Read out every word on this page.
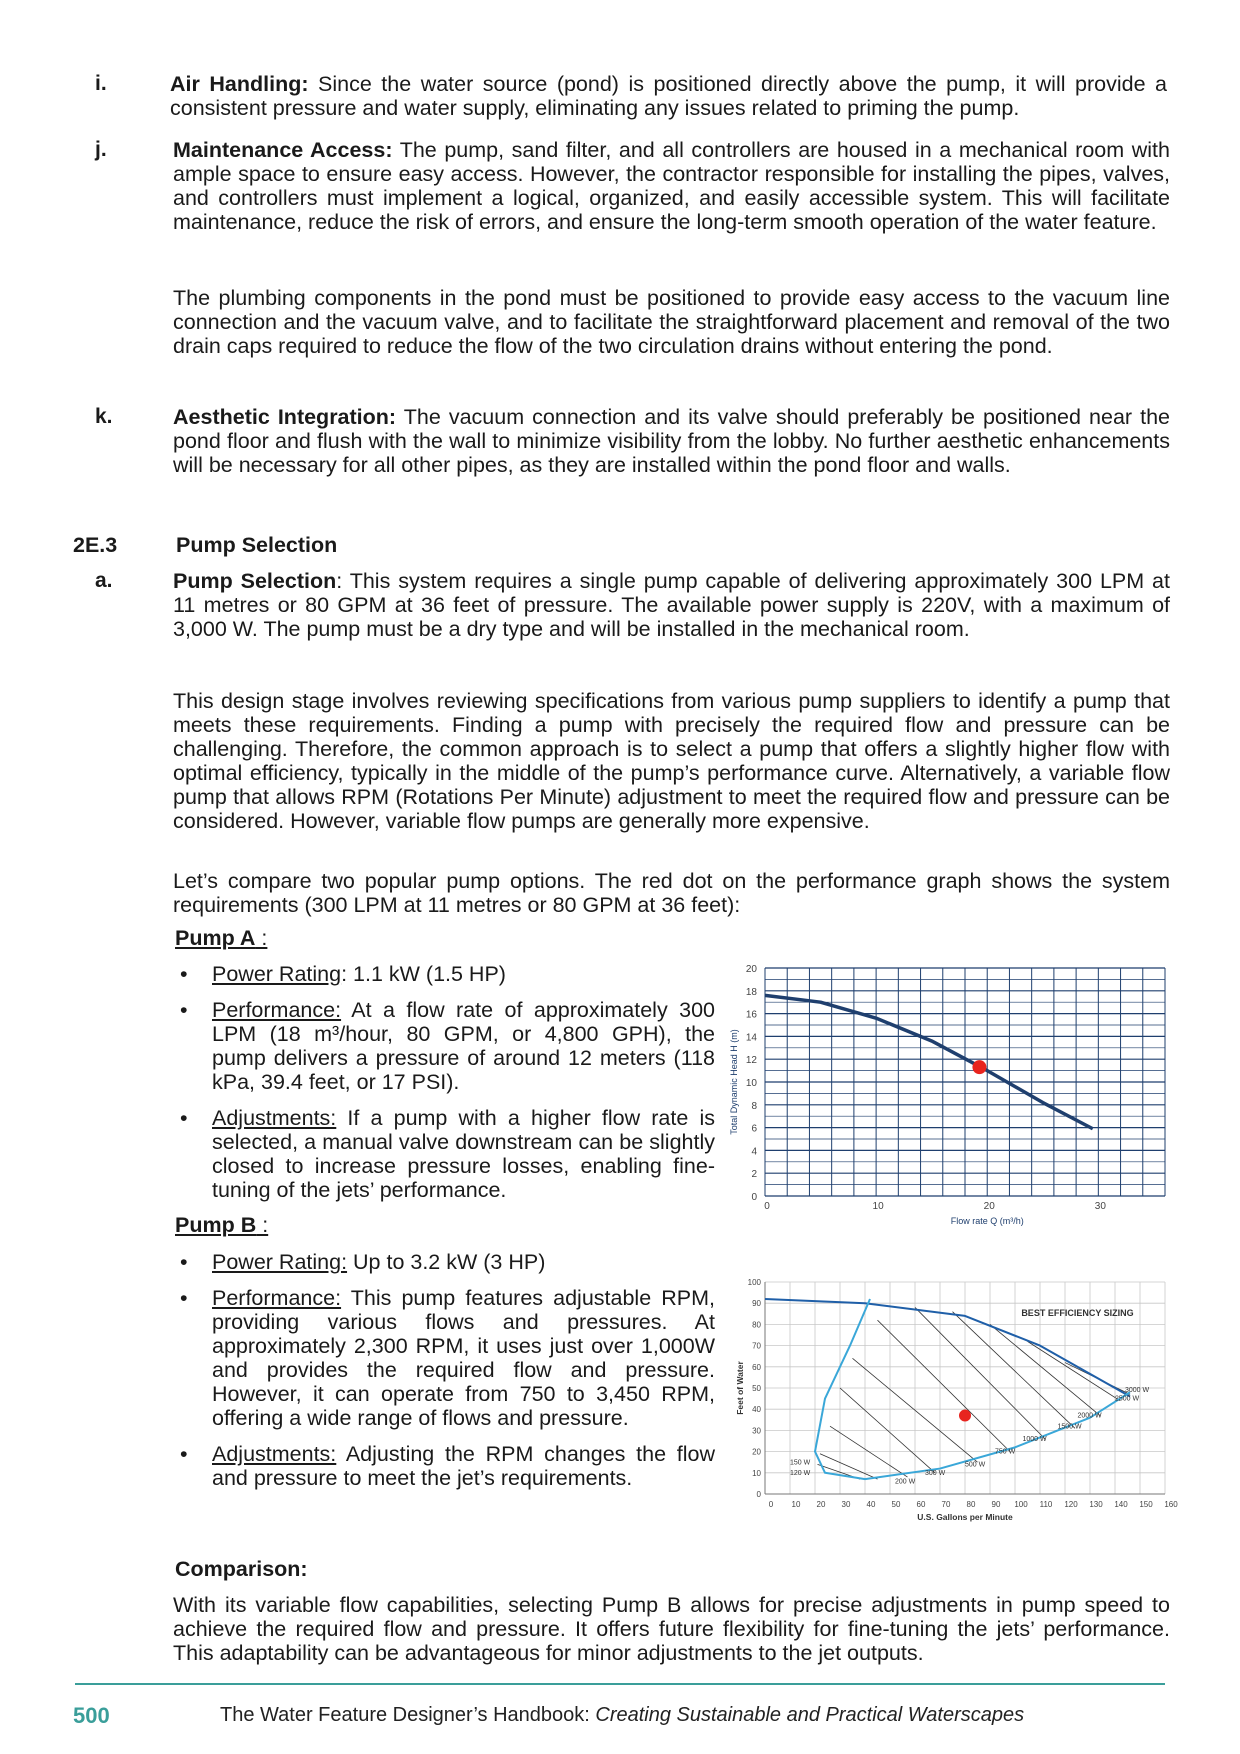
i.	Air Handling: Since the water source (pond) is positioned directly above the pump, it will provide a consistent pressure and water supply, eliminating any issues related to priming the pump.

j.	Maintenance Access: The pump, sand filter, and all controllers are housed in a mechanical room with ample space to ensure easy access. However, the contractor responsible for installing the pipes, valves, and controllers must implement a logical, organized, and easily accessible system. This will facilitate maintenance, reduce the risk of errors, and ensure the long-term smooth operation of the water feature.

The plumbing components in the pond must be positioned to provide easy access to the vacuum line connection and the vacuum valve, and to facilitate the straightforward placement and removal of the two drain caps required to reduce the flow of the two circulation drains without entering the pond.

k.	Aesthetic Integration: The vacuum connection and its valve should preferably be positioned near the pond floor and flush with the wall to minimize visibility from the lobby. No further aesthetic enhancements will be necessary for all other pipes, as they are installed within the pond floor and walls.

2E.3	Pump Selection
a.	Pump Selection: This system requires a single pump capable of delivering approximately 300 LPM at 11 metres or 80 GPM at 36 feet of pressure. The available power supply is 220V, with a maximum of 3,000 W. The pump must be a dry type and will be installed in the mechanical room.

This design stage involves reviewing specifications from various pump suppliers to identify a pump that meets these requirements. Finding a pump with precisely the required flow and pressure can be challenging. Therefore, the common approach is to select a pump that offers a slightly higher flow with optimal efficiency, typically in the middle of the pump’s performance curve. Alternatively, a variable flow pump that allows RPM (Rotations Per Minute) adjustment to meet the required flow and pressure can be considered. However, variable flow pumps are generally more expensive.

Let’s compare two popular pump options. The red dot on the performance graph shows the system requirements (300 LPM at 11 metres or 80 GPM at 36 feet):

Pump A :
• Power Rating: 1.1 kW (1.5 HP)
• Performance: At a flow rate of approximately 300 LPM (18 m³/hour, 80 GPM, or 4,800 GPH), the pump delivers a pressure of around 12 meters (118 kPa, 39.4 feet, or 17 PSI).
• Adjustments: If a pump with a higher flow rate is selected, a manual valve downstream can be slightly closed to increase pressure losses, enabling fine-tuning of the jets’ performance.	0
2
4
6
8
10
12
14
16
18
20
0	10	20	30
Flow rate Q (m³/h)
Total Dynamic Head H (m)
Pump B :
• Power Rating: Up to 3.2 kW (3 HP)
• Performance: This pump features adjustable RPM, providing various flows and pressures. At approximately 2,300 RPM, it uses just over 1,000W and provides the required flow and pressure. However, it can operate from 750 to 3,450 RPM, offering a wide range of flows and pressure.
• Adjustments: Adjusting the RPM changes the flow and pressure to meet the jet’s requirements.
0
10
20
30
40
50
60
70
80
90
100
0 10 20 30 40 50 60 70 80 90 100 110 120 130 140 150 160
U.S. Gallons per Minute
Feet of Water
BEST EFFICIENCY SIZING
150 W
120 W
200 W
300 W
500 W
750 W
1000 W
1500 W
2000 W
2500 W
3000 W
Comparison:

With its variable flow capabilities, selecting Pump B allows for precise adjustments in pump speed to achieve the required flow and pressure. It offers future flexibility for fine-tuning the jets’ performance. This adaptability can be advantageous for minor adjustments to the jet outputs.

500	The Water Feature Designer’s Handbook: Creating Sustainable and Practical Waterscapes
